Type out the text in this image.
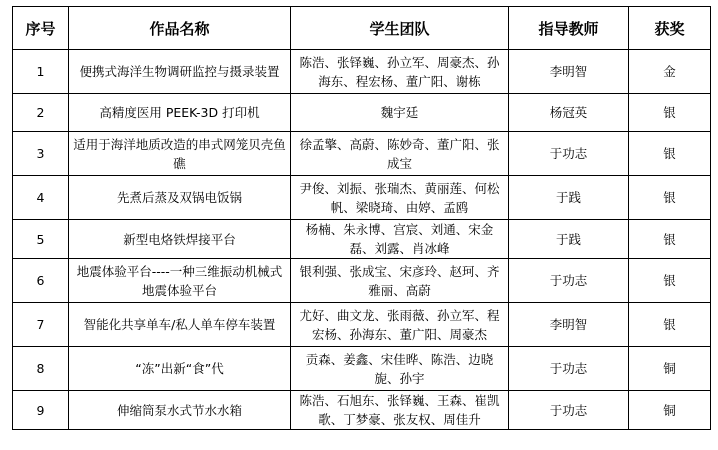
序号	作品名称	学生团队	指导教师	获奖
1	便携式海洋生物调研监控与摄录装置	陈浩、张铎巍、孙立军、周豪杰、孙海东、程宏杨、董广阳、谢栋	李明智	金
2	高精度医用 PEEK-3D 打印机	魏宇廷	杨冠英	银
3	适用于海洋地质改造的串式网笼贝壳鱼礁	徐孟擎、高蔚、陈妙奇、董广阳、张成宝	于功志	银
4	先煮后蒸及双锅电饭锅	尹俊、刘振、张瑞杰、黄丽莲、何松帆、梁晓琦、由婷、孟鸥	于践	银
5	新型电烙铁焊接平台	杨楠、朱永博、宫宸、刘通、宋金磊、刘露、肖冰峰	于践	银
6	地震体验平台----一种三维振动机械式地震体验平台	银利强、张成宝、宋彦玲、赵珂、齐雅丽、高蔚	于功志	银
7	智能化共享单车/私人单车停车装置	尤好、曲文龙、张雨薇、孙立军、程宏杨、孙海东、董广阳、周豪杰	李明智	银
8	“冻”出新“食”代	贡森、姜鑫、宋佳晔、陈浩、边晓旎、孙宇	于功志	铜
9	伸缩筒泵水式节水水箱	陈浩、石旭东、张铎巍、王森、崔凯歌、丁梦豪、张友权、周佳升	于功志	铜
